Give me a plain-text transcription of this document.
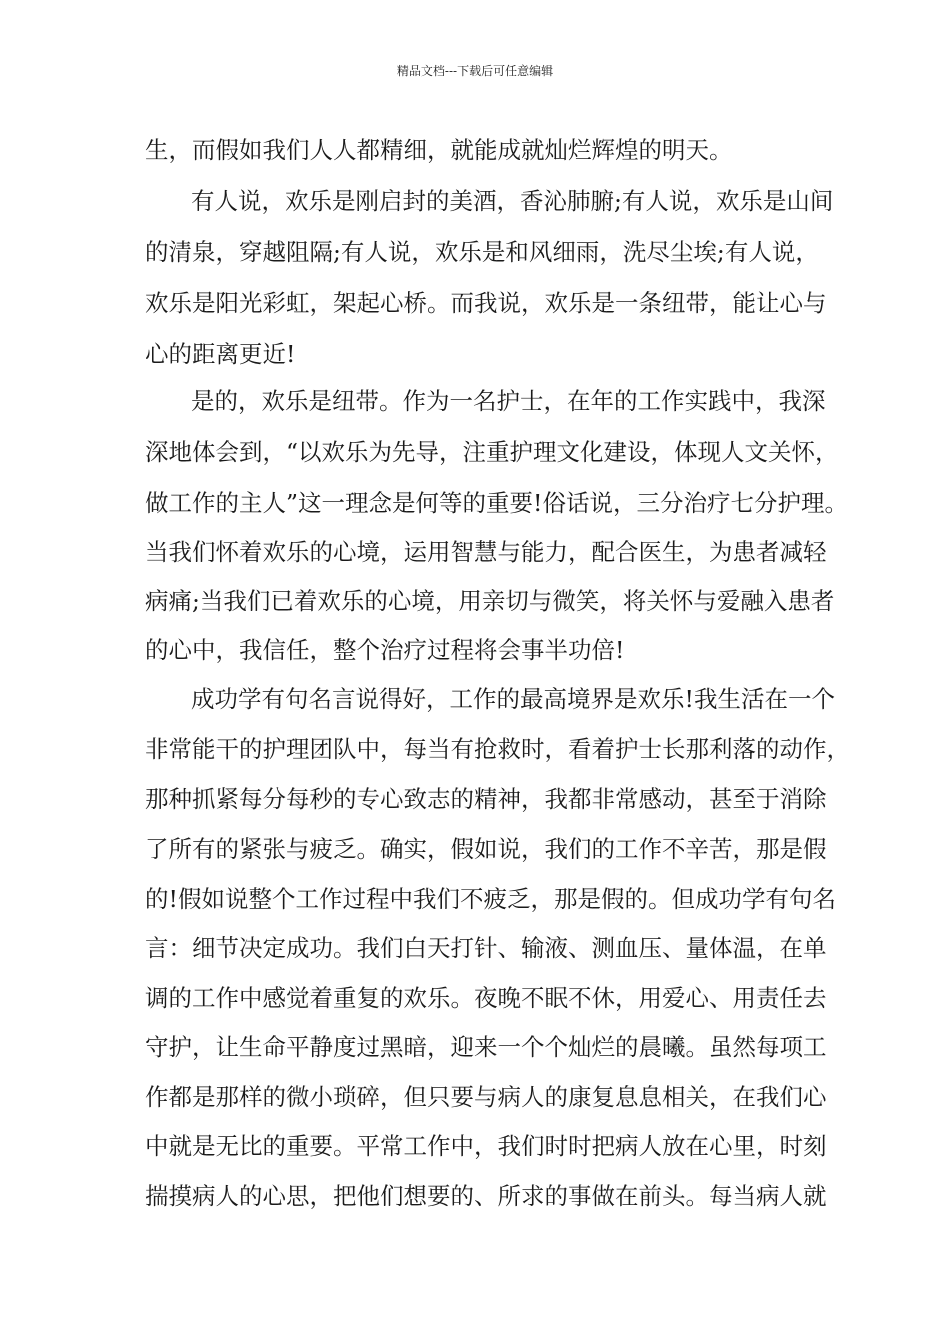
精品文档---下载后可任意编辑
生，而假如我们人人都精细，就能成就灿烂辉煌的明天。
有人说，欢乐是刚启封的美酒，香沁肺腑;有人说，欢乐是山间
的清泉，穿越阻隔;有人说，欢乐是和风细雨，洗尽尘埃;有人说，
欢乐是阳光彩虹，架起心桥。而我说，欢乐是一条纽带，能让心与
心的距离更近!
是的，欢乐是纽带。作为一名护士，在年的工作实践中，我深
深地体会到，“以欢乐为先导，注重护理文化建设，体现人文关怀，
做工作的主人”这一理念是何等的重要!俗话说，三分治疗七分护理。
当我们怀着欢乐的心境，运用智慧与能力，配合医生，为患者减轻
病痛;当我们已着欢乐的心境，用亲切与微笑，将关怀与爱融入患者
的心中，我信任，整个治疗过程将会事半功倍!
成功学有句名言说得好，工作的最高境界是欢乐!我生活在一个
非常能干的护理团队中，每当有抢救时，看着护士长那利落的动作，
那种抓紧每分每秒的专心致志的精神，我都非常感动，甚至于消除
了所有的紧张与疲乏。确实，假如说，我们的工作不辛苦，那是假
的!假如说整个工作过程中我们不疲乏，那是假的。但成功学有句名
言：细节决定成功。我们白天打针、输液、测血压、量体温，在单
调的工作中感觉着重复的欢乐。夜晚不眠不休，用爱心、用责任去
守护，让生命平静度过黑暗，迎来一个个灿烂的晨曦。虽然每项工
作都是那样的微小琐碎，但只要与病人的康复息息相关，在我们心
中就是无比的重要。平常工作中，我们时时把病人放在心里，时刻
揣摸病人的心思，把他们想要的、所求的事做在前头。每当病人就
